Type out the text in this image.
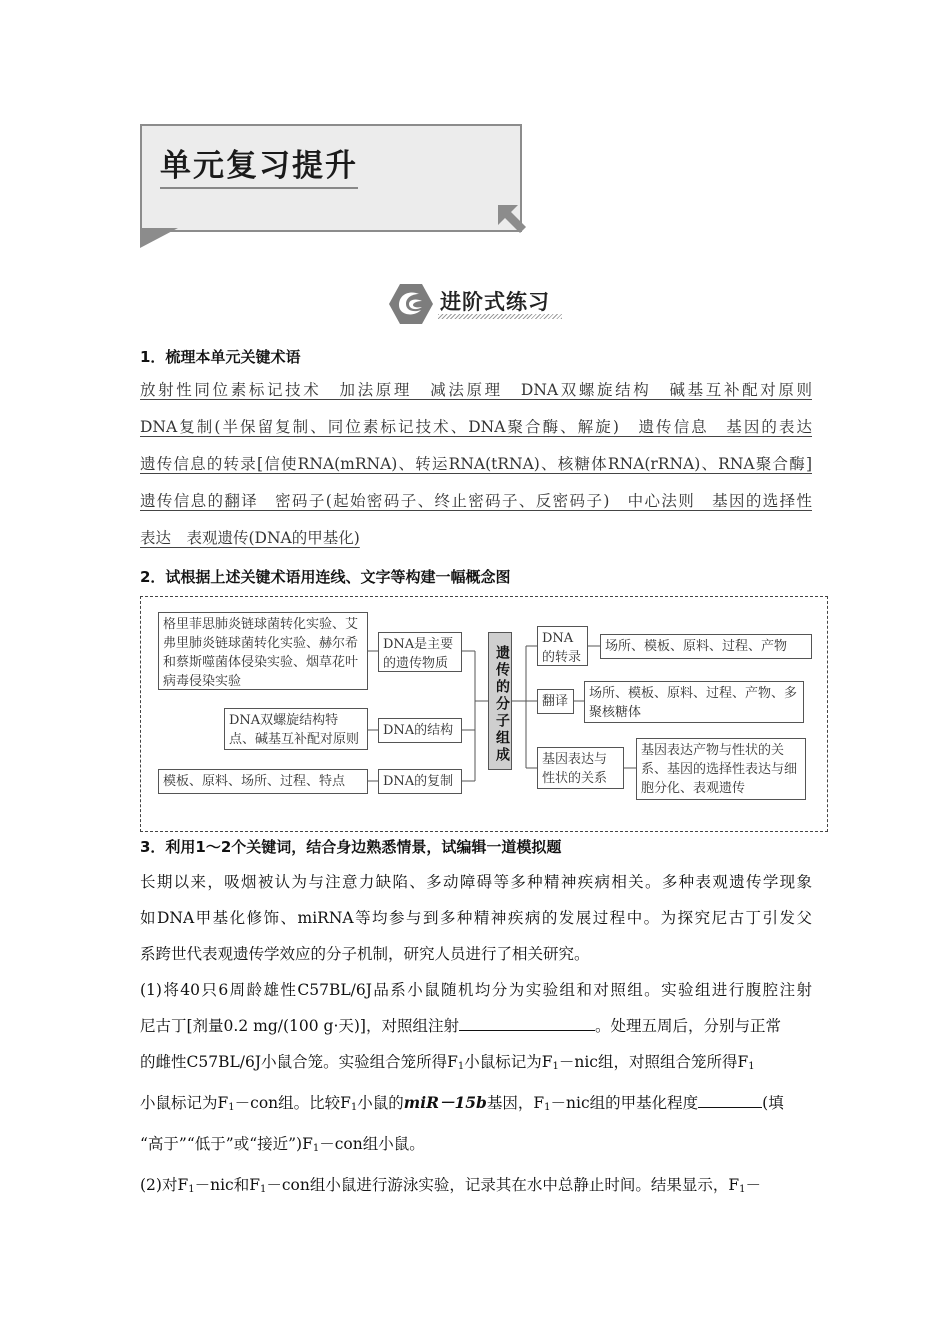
单元复习提升
进阶式练习
1．梳理本单元关键术语
放射性同位素标记技术　加法原理　减法原理　DNA双螺旋结构　碱基互补配对原则
DNA复制(半保留复制、同位素标记技术、DNA聚合酶、解旋)　遗传信息　基因的表达
遗传信息的转录[信使RNA(mRNA)、转运RNA(tRNA)、核糖体RNA(rRNA)、RNA聚合酶]
遗传信息的翻译　密码子(起始密码子、终止密码子、反密码子)　中心法则　基因的选择性
表达　表观遗传(DNA的甲基化)
2．试根据上述关键术语用连线、文字等构建一幅概念图
格里菲思肺炎链球菌转化实验、艾弗里肺炎链球菌转化实验、赫尔希和蔡斯噬菌体侵染实验、烟草花叶病毒侵染实验
DNA双螺旋结构特点、碱基互补配对原则
模板、原料、场所、过程、特点
DNA是主要的遗传物质
DNA的结构
DNA的复制
遗传的分子组成
DNA的转录
翻译
基因表达与性状的关系
场所、模板、原料、过程、产物
场所、模板、原料、过程、产物、多聚核糖体
基因表达产物与性状的关系、基因的选择性表达与细胞分化、表观遗传
3．利用1～2个关键词，结合身边熟悉情景，试编辑一道模拟题
长期以来，吸烟被认为与注意力缺陷、多动障碍等多种精神疾病相关。多种表观遗传学现象
如DNA甲基化修饰、miRNA等均参与到多种精神疾病的发展过程中。为探究尼古丁引发父
系跨世代表观遗传学效应的分子机制，研究人员进行了相关研究。
(1)将40只6周龄雄性C57BL/6J品系小鼠随机均分为实验组和对照组。实验组进行腹腔注射
尼古丁[剂量0.2 mg/(100 g·天)]，对照组注射	。处理五周后，分别与正常
的雌性C57BL/6J小鼠合笼。实验组合笼所得$F_1$小鼠标记为$F_1-nic$组，对照组合笼所得$F_1$
小鼠标记为$F_1-con$组。比较$F_1$小鼠的miR－15b基因，$F_1-nic$组的甲基化程度	(填
“高于”“低于”或“接近$”)F_1-con$组小鼠。
(2)对$F_1-nic$和$F_1-con$组小鼠进行游泳实验，记录其在水中总静止时间。结果显示，$F_1-$
